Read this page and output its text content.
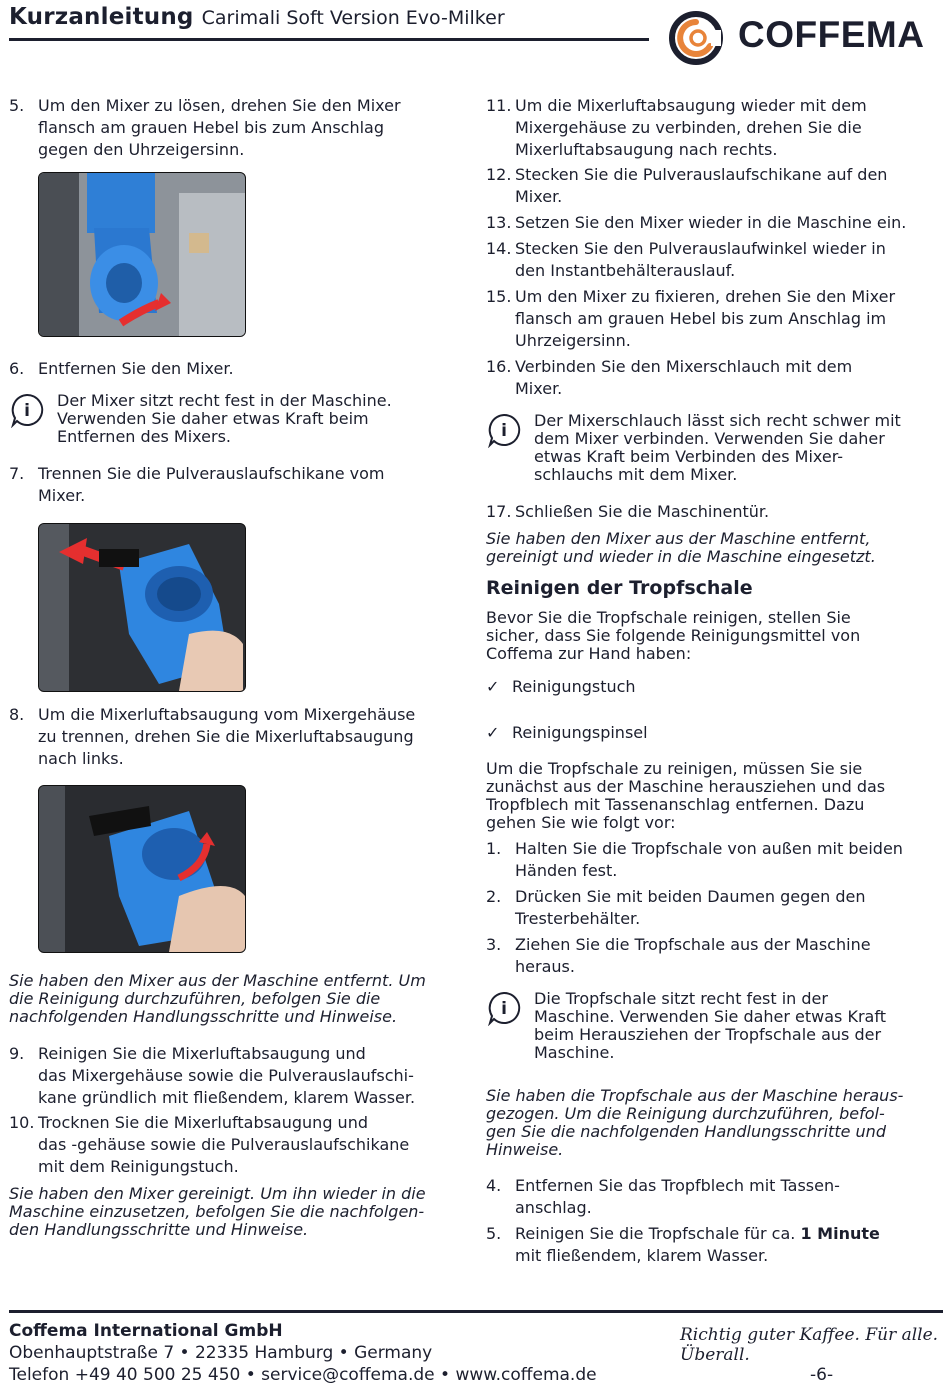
Kurzanleitung Carimali Soft Version Evo-Milker	COFFEMA
5. Um den Mixer zu lösen, drehen Sie den Mixer
flansch am grauen Hebel bis zum Anschlag
gegen den Uhrzeigersinn.
6. Entfernen Sie den Mixer.
i
Der Mixer sitzt recht fest in der Maschine.
Verwenden Sie daher etwas Kraft beim
Entfernen des Mixers.
7. Trennen Sie die Pulverauslaufschikane vom
Mixer.
8. Um die Mixerluftabsaugung vom Mixergehäuse
zu trennen, drehen Sie die Mixerluftabsaugung
nach links.
Sie haben den Mixer aus der Maschine entfernt. Um
die Reinigung durchzuführen, befolgen Sie die
nachfolgenden Handlungsschritte und Hinweise.
9. Reinigen Sie die Mixerluftabsaugung und
das Mixergehäuse sowie die Pulverauslaufschi-
kane gründlich mit fließendem, klarem Wasser.
10. Trocknen Sie die Mixerluftabsaugung und
das -gehäuse sowie die Pulverauslaufschikane
mit dem Reinigungstuch.
Sie haben den Mixer gereinigt. Um ihn wieder in die
Maschine einzusetzen, befolgen Sie die nachfolgen-
den Handlungsschritte und Hinweise.
11. Um die Mixerluftabsaugung wieder mit dem
Mixergehäuse zu verbinden, drehen Sie die
Mixerluftabsaugung nach rechts.
12. Stecken Sie die Pulverauslaufschikane auf den
Mixer.
13. Setzen Sie den Mixer wieder in die Maschine ein.
14. Stecken Sie den Pulverauslaufwinkel wieder in
den Instantbehälterauslauf.
15. Um den Mixer zu fixieren, drehen Sie den Mixer
flansch am grauen Hebel bis zum Anschlag im
Uhrzeigersinn.
16. Verbinden Sie den Mixerschlauch mit dem
Mixer.
i
Der Mixerschlauch lässt sich recht schwer mit
dem Mixer verbinden. Verwenden Sie daher
etwas Kraft beim Verbinden des Mixer-
schlauchs mit dem Mixer.
17. Schließen Sie die Maschinentür.
Sie haben den Mixer aus der Maschine entfernt,
gereinigt und wieder in die Maschine eingesetzt.
Reinigen der Tropfschale
Bevor Sie die Tropfschale reinigen, stellen Sie
sicher, dass Sie folgende Reinigungsmittel von
Coffema zur Hand haben:
✓ Reinigungstuch
✓ Reinigungspinsel
Um die Tropfschale zu reinigen, müssen Sie sie
zunächst aus der Maschine herausziehen und das
Tropfblech mit Tassenanschlag entfernen. Dazu
gehen Sie wie folgt vor:
1. Halten Sie die Tropfschale von außen mit beiden
Händen fest.
2. Drücken Sie mit beiden Daumen gegen den
Tresterbehälter.
3. Ziehen Sie die Tropfschale aus der Maschine
heraus.
i
Die Tropfschale sitzt recht fest in der
Maschine. Verwenden Sie daher etwas Kraft
beim Herausziehen der Tropfschale aus der
Maschine.
Sie haben die Tropfschale aus der Maschine heraus-
gezogen. Um die Reinigung durchzuführen, befol-
gen Sie die nachfolgenden Handlungsschritte und
Hinweise.
4. Entfernen Sie das Tropfblech mit Tassen-
anschlag.
5. Reinigen Sie die Tropfschale für ca. 1 Minute
mit fließendem, klarem Wasser.
Coffema International GmbH
Obenhauptstraße 7 • 22335 Hamburg • Germany
Telefon +49 40 500 25 450 • service@coffema.de • www.coffema.de
Richtig guter Kaffee. Für alle. Überall.
-6-
